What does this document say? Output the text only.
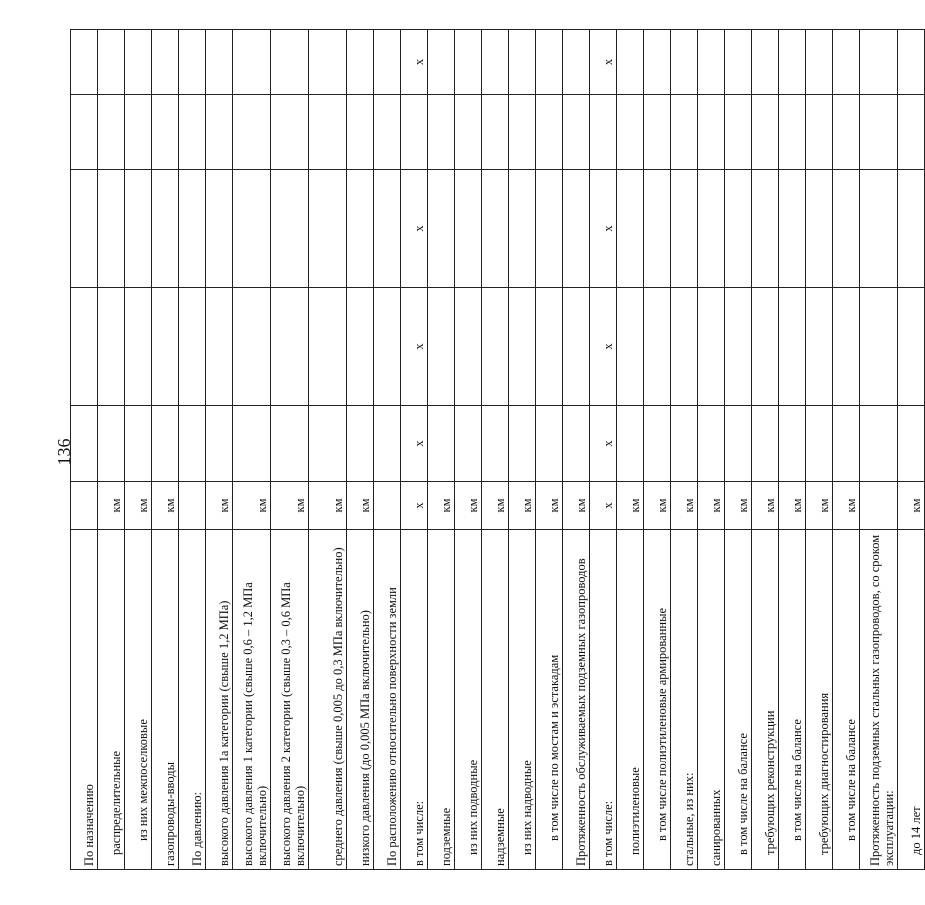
136
По назначению						
распределительные	км					
из них межпоселковые	км					
газопроводы-вводы	км					
По давлению:						
высокого давления 1а категории (свыше 1,2 МПа)	км					
высокого давления 1 категории (свыше 0,6 – 1,2 МПа включительно)	км					
высокого давления 2 категории (свыше 0,3 – 0,6 МПа включительно)	км					
среднего давления (свыше 0,005 до 0,3 МПа включительно)	км					
низкого давления (до 0,005 МПа включительно)	км					
По расположению относительно поверхности земли						
в том числе:	x	x	x	x		x
подземные	км					
из них подводные	км					
надземные	км					
из них надводные	км					
в том числе по мостам и эстакадам	км					
Протяженность обслуживаемых подземных газопроводов	км					
в том числе:	x	x	x	x		x
полиэтиленовые	км					
в том числе полиэтиленовые армированные	км					
стальные, из них:	км					
санированных	км					
в том числе на балансе	км					
требующих реконструкции	км					
в том числе на балансе	км					
требующих диагностирования	км					
в том числе на балансе	км					
Протяженность подземных стальных газопроводов, со сроком эксплуатации:						
до 14 лет	км					
